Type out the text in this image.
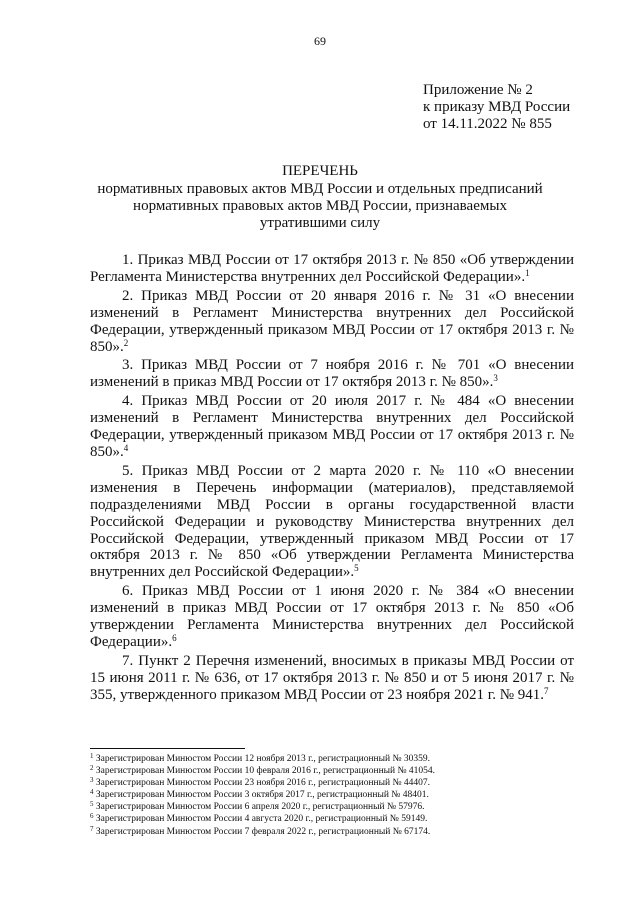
69
Приложение № 2
к приказу МВД России
от 14.11.2022 № 855
ПЕРЕЧЕНЬ
нормативных правовых актов МВД России и отдельных предписаний
нормативных правовых актов МВД России, признаваемых
утратившими силу

1. Приказ МВД России от 17 октября 2013 г. № 850 «Об утверждении Регламента Министерства внутренних дел Российской Федерации».$^1$

2. Приказ МВД России от 20 января 2016 г. № 31 «О внесении изменений в Регламент Министерства внутренних дел Российской Федерации, утвержденный приказом МВД России от 17 октября 2013 г. № 850».$^2$

3. Приказ МВД России от 7 ноября 2016 г. № 701 «О внесении изменений в приказ МВД России от 17 октября 2013 г. № 850».$^3$

4. Приказ МВД России от 20 июля 2017 г. № 484 «О внесении изменений в Регламент Министерства внутренних дел Российской Федерации, утвержденный приказом МВД России от 17 октября 2013 г. № 850».$^4$

5. Приказ МВД России от 2 марта 2020 г. № 110 «О внесении изменения в Перечень информации (материалов), представляемой подразделениями МВД России в органы государственной власти Российской Федерации и руководству Министерства внутренних дел Российской Федерации, утвержденный приказом МВД России от 17 октября 2013 г. № 850 «Об утверждении Регламента Министерства внутренних дел Российской Федерации».$^5$

6. Приказ МВД России от 1 июня 2020 г. № 384 «О внесении изменений в приказ МВД России от 17 октября 2013 г. № 850 «Об утверждении Регламента Министерства внутренних дел Российской Федерации».$^6$

7. Пункт 2 Перечня изменений, вносимых в приказы МВД России от 15 июня 2011 г. № 636, от 17 октября 2013 г. № 850 и от 5 июня 2017 г. № 355, утвержденного приказом МВД России от 23 ноября 2021 г. № 941.$^7$

$^1$ Зарегистрирован Минюстом России 12 ноября 2013 г., регистрационный № 30359.
$^2$ Зарегистрирован Минюстом России 10 февраля 2016 г., регистрационный № 41054.
$^3$ Зарегистрирован Минюстом России 23 ноября 2016 г., регистрационный № 44407.
$^4$ Зарегистрирован Минюстом России 3 октября 2017 г., регистрационный № 48401.
$^5$ Зарегистрирован Минюстом России 6 апреля 2020 г., регистрационный № 57976.
$^6$ Зарегистрирован Минюстом России 4 августа 2020 г., регистрационный № 59149.
$^7$ Зарегистрирован Минюстом России 7 февраля 2022 г., регистрационный № 67174.
